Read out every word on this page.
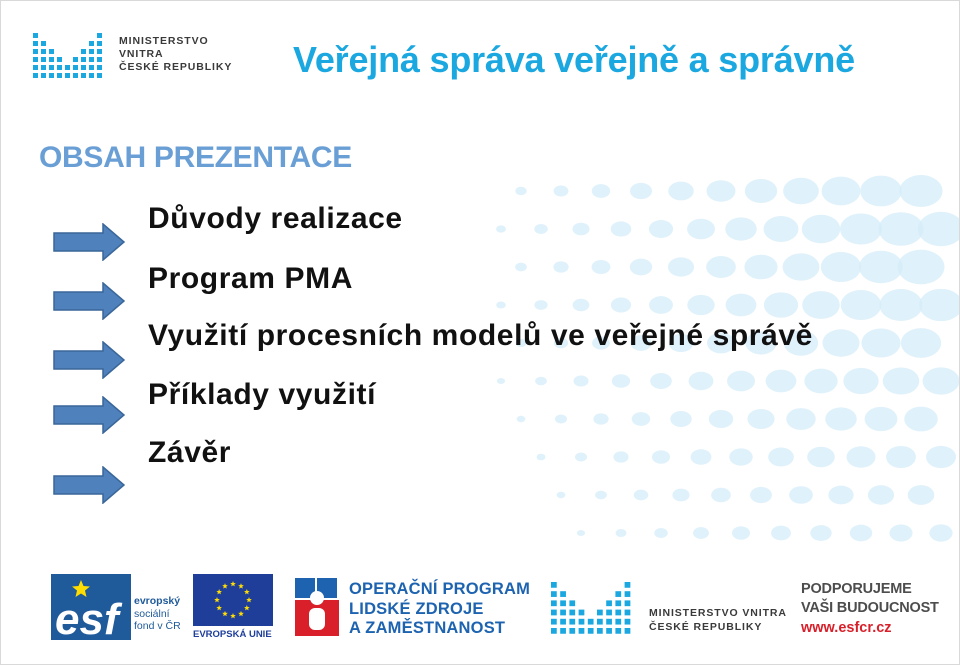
MINISTERSTVO VNITRA
ČESKÉ REPUBLIKY	Veřejná správa veřejně a správně
OBSAH PREZENTACE
Důvody realizace
Program PMA
Využití procesních modelů ve veřejné správě
Příklady využití
Závěr
esf	evropský
sociální
fond v ČR
EVROPSKÁ UNIE
OPERAČNÍ PROGRAM
LIDSKÉ ZDROJE
A ZAMĚSTNANOST
MINISTERSTVO VNITRA
ČESKÉ REPUBLIKY
PODPORUJEME
VAŠI BUDOUCNOST
www.esfcr.cz
